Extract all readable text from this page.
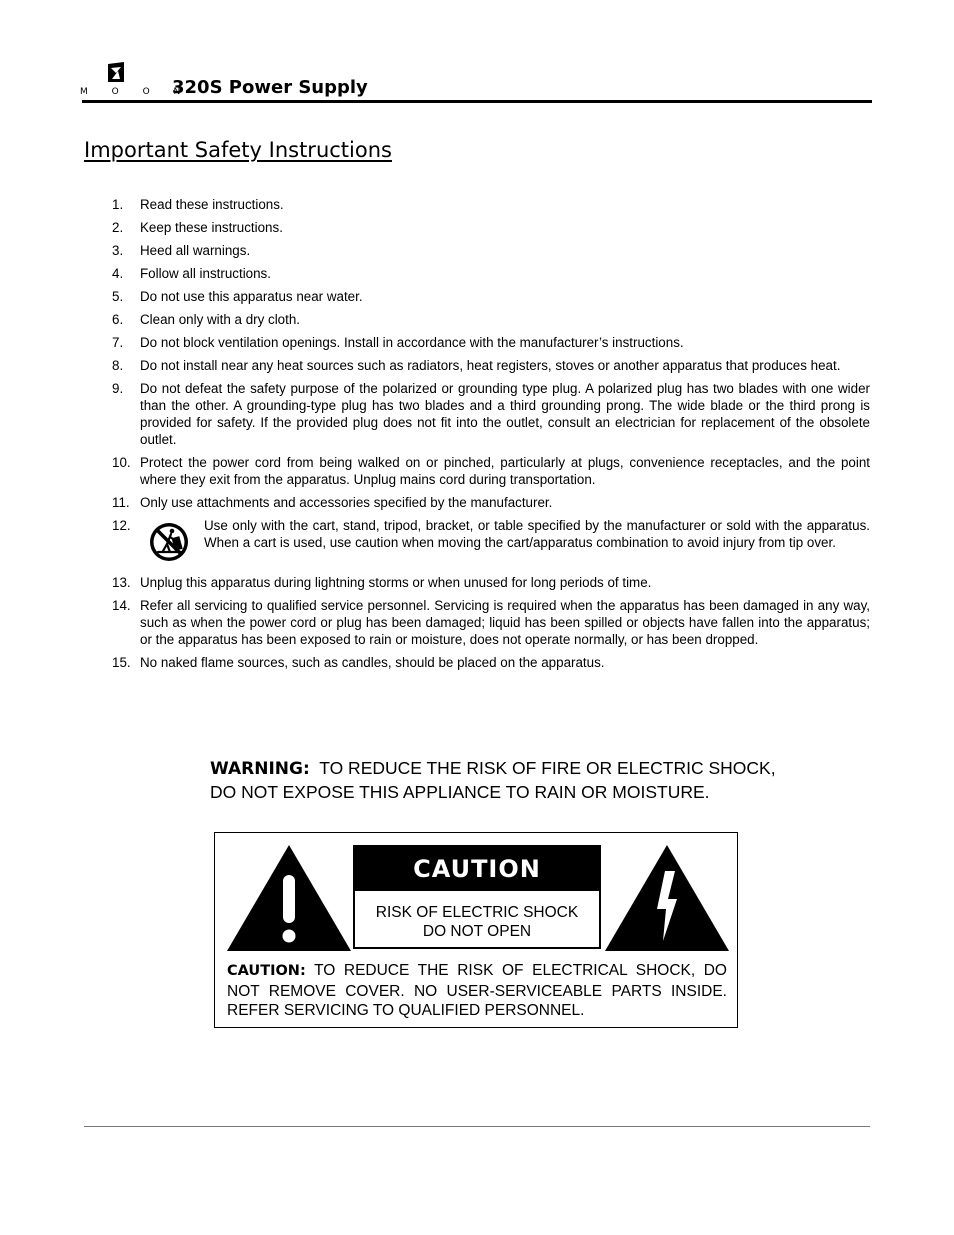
M O O N
320S Power Supply
Important Safety Instructions
1. Read these instructions.
2. Keep these instructions.
3. Heed all warnings.
4. Follow all instructions.
5. Do not use this apparatus near water.
6. Clean only with a dry cloth.
7. Do not block ventilation openings. Install in accordance with the manufacturer’s instructions.
8. Do not install near any heat sources such as radiators, heat registers, stoves or another apparatus that produces heat.
9. Do not defeat the safety purpose of the polarized or grounding type plug. A polarized plug has two blades with one wider than the other. A grounding-type plug has two blades and a third grounding prong. The wide blade or the third prong is provided for safety. If the provided plug does not fit into the outlet, consult an electrician for replacement of the obsolete outlet.
10. Protect the power cord from being walked on or pinched, particularly at plugs, convenience receptacles, and the point where they exit from the apparatus. Unplug mains cord during transportation.
11. Only use attachments and accessories specified by the manufacturer.
12.	Use only with the cart, stand, tripod, bracket, or table specified by the manufacturer or sold with the apparatus. When a cart is used, use caution when moving the cart/apparatus combination to avoid injury from tip over.
13. Unplug this apparatus during lightning storms or when unused for long periods of time.
14. Refer all servicing to qualified service personnel. Servicing is required when the apparatus has been damaged in any way, such as when the power cord or plug has been damaged; liquid has been spilled or objects have fallen into the apparatus; or the apparatus has been exposed to rain or moisture, does not operate normally, or has been dropped.
15. No naked flame sources, such as candles, should be placed on the apparatus.
WARNING: TO REDUCE THE RISK OF FIRE OR ELECTRIC SHOCK,
DO NOT EXPOSE THIS APPLIANCE TO RAIN OR MOISTURE.
CAUTION
RISK OF ELECTRIC SHOCK
DO NOT OPEN
CAUTION: TO REDUCE THE RISK OF ELECTRICAL SHOCK, DO NOT REMOVE COVER. NO USER-SERVICEABLE PARTS INSIDE. REFER SERVICING TO QUALIFIED PERSONNEL.
